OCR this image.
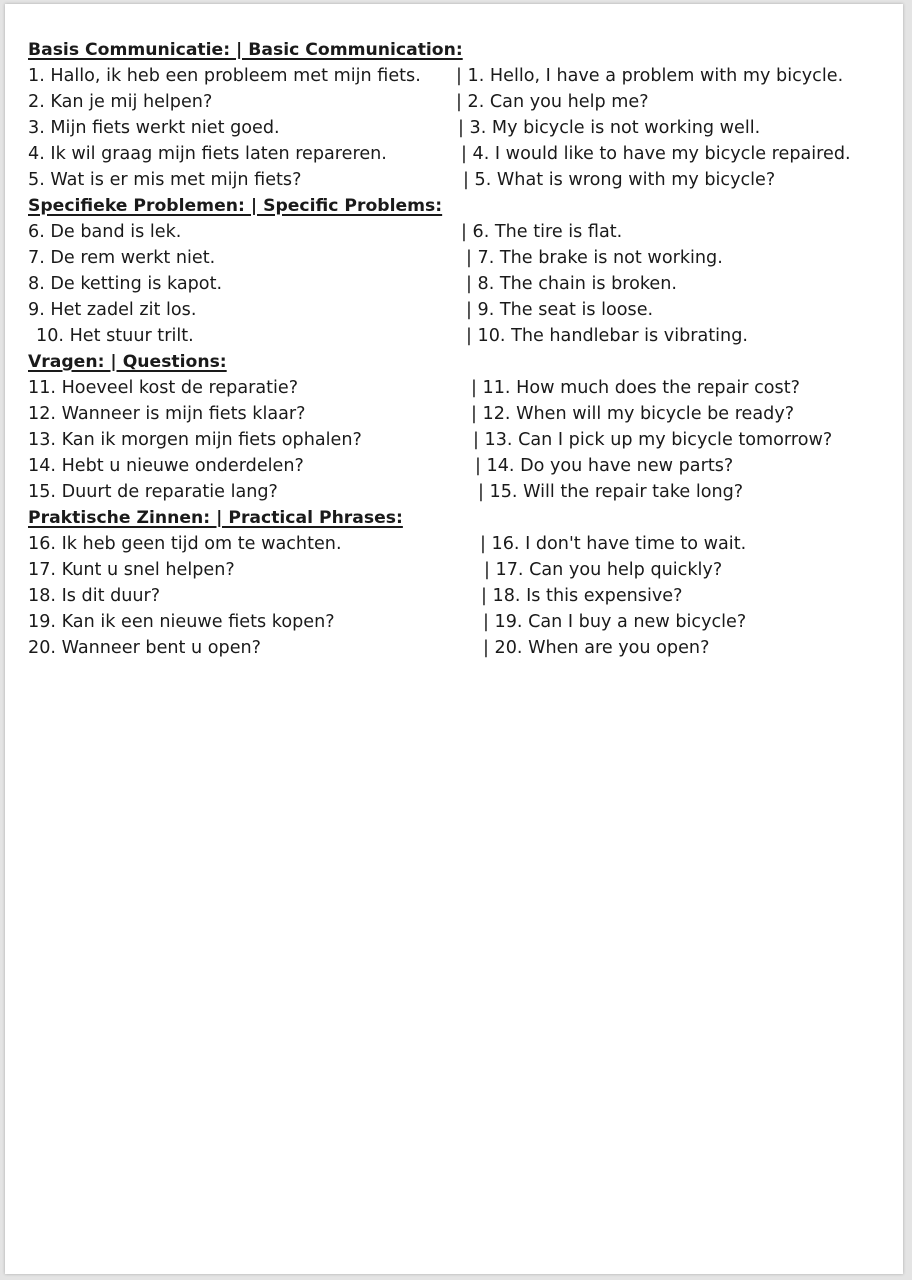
Basis Communicatie: | Basic Communication:
1. Hallo, ik heb een probleem met mijn fiets. | 1. Hello, I have a problem with my bicycle.
2. Kan je mij helpen?	| 2. Can you help me?
3. Mijn fiets werkt niet goed.	| 3. My bicycle is not working well.
4. Ik wil graag mijn fiets laten repareren.	| 4. I would like to have my bicycle repaired.
5. Wat is er mis met mijn fiets?	| 5. What is wrong with my bicycle?
Specifieke Problemen: | Specific Problems:
6. De band is lek.	| 6. The tire is flat.
7. De rem werkt niet.	| 7. The brake is not working.
8. De ketting is kapot.	| 8. The chain is broken.
9. Het zadel zit los.	| 9. The seat is loose.
10. Het stuur trilt.	| 10. The handlebar is vibrating.
Vragen: | Questions:
11. Hoeveel kost de reparatie?	| 11. How much does the repair cost?
12. Wanneer is mijn fiets klaar?	| 12. When will my bicycle be ready?
13. Kan ik morgen mijn fiets ophalen?	| 13. Can I pick up my bicycle tomorrow?
14. Hebt u nieuwe onderdelen?	| 14. Do you have new parts?
15. Duurt de reparatie lang?	| 15. Will the repair take long?
Praktische Zinnen: | Practical Phrases:
16. Ik heb geen tijd om te wachten.	| 16. I don't have time to wait.
17. Kunt u snel helpen?	| 17. Can you help quickly?
18. Is dit duur?	| 18. Is this expensive?
19. Kan ik een nieuwe fiets kopen?	| 19. Can I buy a new bicycle?
20. Wanneer bent u open?	| 20. When are you open?
